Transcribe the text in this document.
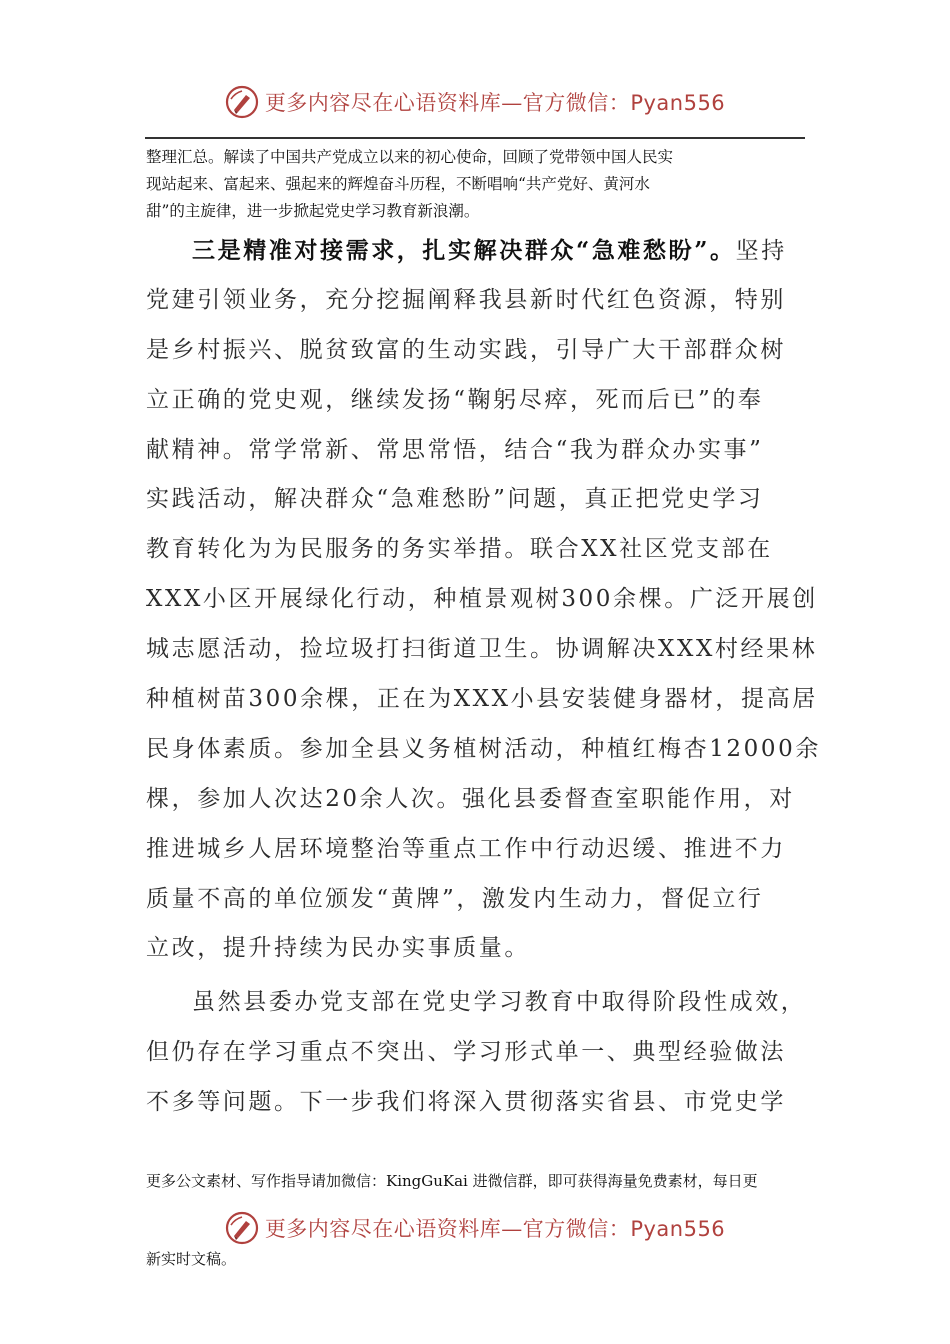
更多内容尽在心语资料库—官方微信：Pyan556
整理汇总。解读了中国共产党成立以来的初心使命，回顾了党带领中国人民实
现站起来、富起来、强起来的辉煌奋斗历程，不断唱响“共产党好、黄河水
甜”的主旋律，进一步掀起党史学习教育新浪潮。
三是精准对接需求，扎实解决群众“急难愁盼”。坚持
党建引领业务，充分挖掘阐释我县新时代红色资源，特别
是乡村振兴、脱贫致富的生动实践，引导广大干部群众树
立正确的党史观，继续发扬“鞠躬尽瘁，死而后已”的奉
献精神。常学常新、常思常悟，结合“我为群众办实事”
实践活动，解决群众“急难愁盼”问题，真正把党史学习
教育转化为为民服务的务实举措。联合XX社区党支部在
XXX小区开展绿化行动，种植景观树300余棵。广泛开展创
城志愿活动，捡垃圾打扫街道卫生。协调解决XXX村经果林
种植树苗300余棵，正在为XXX小县安装健身器材，提高居
民身体素质。参加全县义务植树活动，种植红梅杏12000余
棵，参加人次达20余人次。强化县委督查室职能作用，对
推进城乡人居环境整治等重点工作中行动迟缓、推进不力
质量不高的单位颁发“黄牌”，激发内生动力，督促立行
立改，提升持续为民办实事质量。
虽然县委办党支部在党史学习教育中取得阶段性成效，
但仍存在学习重点不突出、学习形式单一、典型经验做法
不多等问题。下一步我们将深入贯彻落实省县、市党史学
更多公文素材、写作指导请加微信：KingGuKai 进微信群，即可获得海量免费素材，每日更
更多内容尽在心语资料库—官方微信：Pyan556
新实时文稿。
